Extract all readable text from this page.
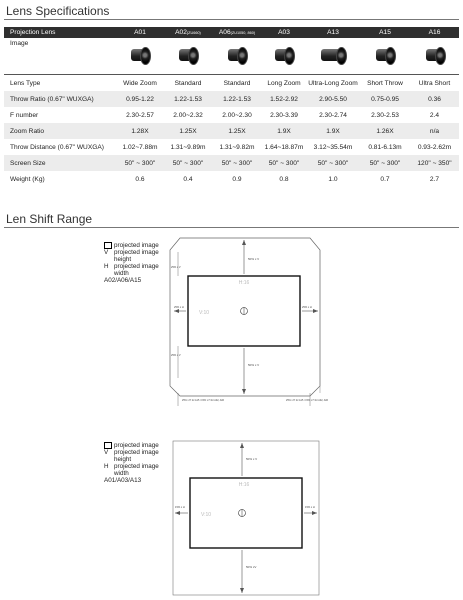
Lens Specifications
Projection Lens	A01	A02(ZU660)	A06(ZU1050, 860)	A03	A13	A15	A16
Image	

Lens Type	Wide Zoom	Standard	Standard	Long Zoom	Ultra-Long Zoom	Short Throw	Ultra Short
Throw Ratio (0.67" WUXGA)	0.95-1.22	1.22-1.53	1.22-1.53	1.52-2.92	2.90-5.50	0.75-0.95	0.36
F number	2.30-2.57	2.00~2.32	2.00~2.30	2.30-3.39	2.30-2.74	2.30-2.53	2.4
Zoom Ratio	1.28X	1.25X	1.25X	1.9X	1.9X	1.26X	n/a
Throw Distance (0.67" WUXGA)	1.02~7.88m	1.31~9.89m	1.31~9.82m	1.64~18.87m	3.12~35.54m	0.81-6.13m	0.93-2.62m
Screen Size	50" ~ 300"	50" ~ 300"	50" ~ 300"	50" ~ 300"	50" ~ 300"	50" ~ 300"	120" ~ 350"
Weight (Kg)	0.6	0.4	0.9	0.8	1.0	0.7	2.7
Len Shift Range
projected image
V projected image height
H projected image width
A02/A06/A15	H:16
V:10
50% x V
50% x V
25% x H	25% x H
25% x V
25% x V
25% x H for A15 / 15% x H for A02, A06	25% x H for A15 / 15% x H for A02, A06
projected image
V projected image height
H projected image width
A01/A03/A13
H:16
V:10
50% x V
50% xV
15% x H	15% x H
